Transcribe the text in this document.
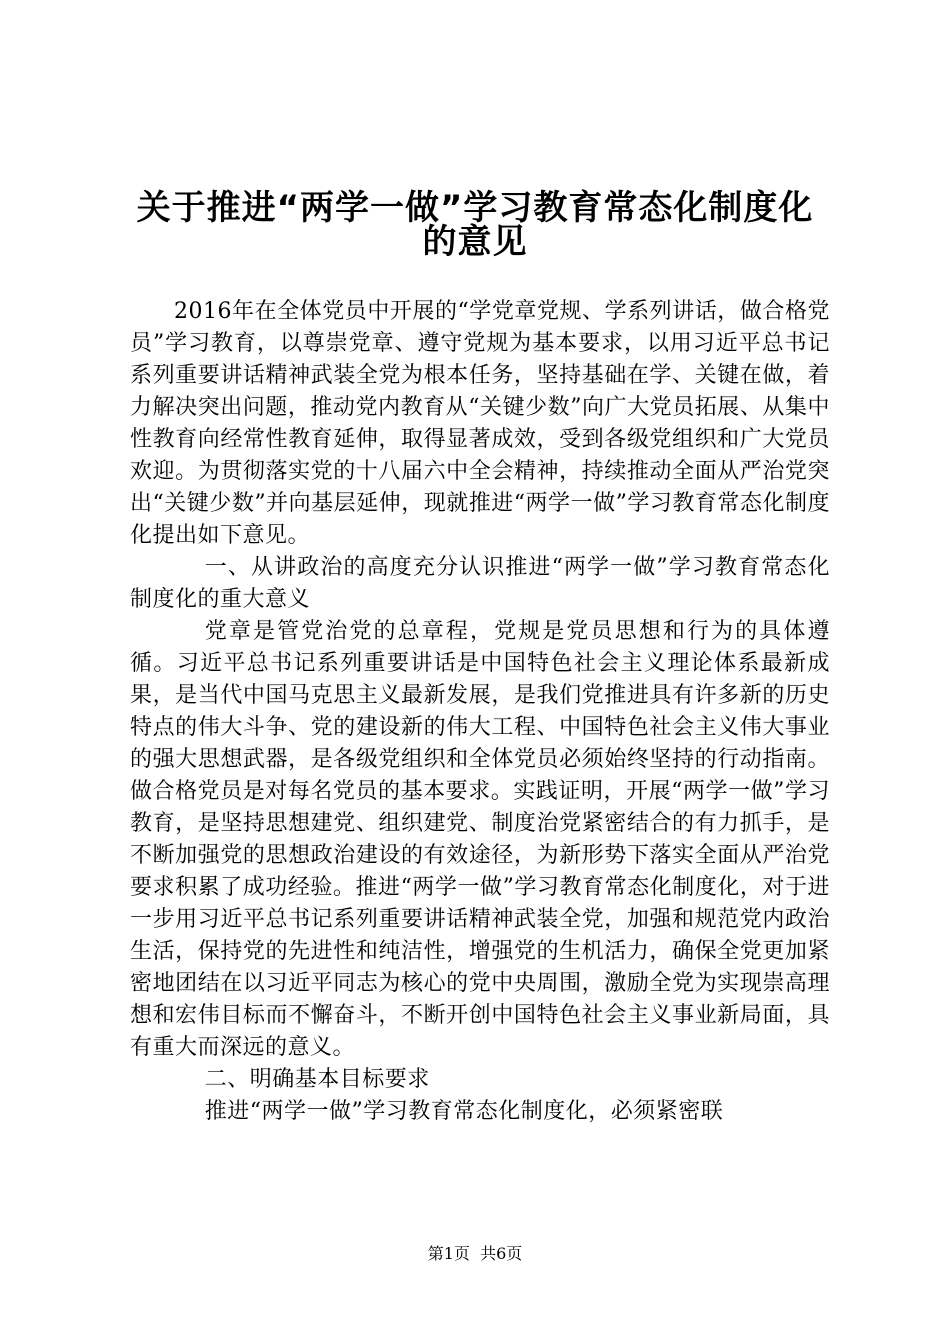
关于推进“两学一做”学习教育常态化制度化
的意见

2016年在全体党员中开展的“学党章党规、学系列讲话，做合格党员”学习教育，以尊崇党章、遵守党规为基本要求，以用习近平总书记系列重要讲话精神武装全党为根本任务，坚持基础在学、关键在做，着力解决突出问题，推动党内教育从“关键少数”向广大党员拓展、从集中性教育向经常性教育延伸，取得显著成效，受到各级党组织和广大党员欢迎。为贯彻落实党的十八届六中全会精神，持续推动全面从严治党突出“关键少数”并向基层延伸，现就推进“两学一做”学习教育常态化制度化提出如下意见。

一、从讲政治的高度充分认识推进“两学一做”学习教育常态化制度化的重大意义

党章是管党治党的总章程，党规是党员思想和行为的具体遵循。习近平总书记系列重要讲话是中国特色社会主义理论体系最新成果，是当代中国马克思主义最新发展，是我们党推进具有许多新的历史特点的伟大斗争、党的建设新的伟大工程、中国特色社会主义伟大事业的强大思想武器，是各级党组织和全体党员必须始终坚持的行动指南。做合格党员是对每名党员的基本要求。实践证明，开展“两学一做”学习教育，是坚持思想建党、组织建党、制度治党紧密结合的有力抓手，是不断加强党的思想政治建设的有效途径，为新形势下落实全面从严治党要求积累了成功经验。推进“两学一做”学习教育常态化制度化，对于进一步用习近平总书记系列重要讲话精神武装全党，加强和规范党内政治生活，保持党的先进性和纯洁性，增强党的生机活力，确保全党更加紧密地团结在以习近平同志为核心的党中央周围，激励全党为实现崇高理想和宏伟目标而不懈奋斗，不断开创中国特色社会主义事业新局面，具有重大而深远的意义。

二、明确基本目标要求

推进“两学一做”学习教育常态化制度化，必须紧密联

第1页  共6页
